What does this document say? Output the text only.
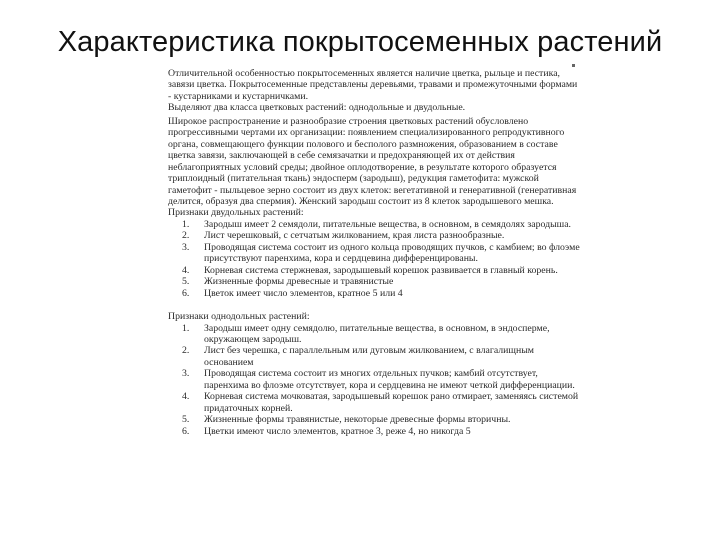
Характеристика покрытосеменных растений

Отличительной особенностью покрытосеменных является наличие цветка, рыльце и пестика, завязи цветка. Покрытосеменные представлены деревьями, травами и промежуточными формами - кустарниками и кустарничками.

Выделяют два класса цветковых растений: однодольные и двудольные.

Широкое распространение и разнообразие строения цветковых растений обусловлено прогрессивными чертами их организации: появлением специализированного репродуктивного органа, совмещающего функции полового и бесполого размножения, образованием в составе цветка завязи, заключающей в себе семязачатки и предохраняющей их от действия неблагоприятных условий среды; двойное оплодотворение, в результате которого образуется триплоидный (питательная ткань) эндосперм (зародыш), редукция гаметофита: мужской гаметофит - пыльцевое зерно состоит из двух клеток: вегетативной и генеративной (генеративная делится, образуя два спермия). Женский зародыш состоит из 8 клеток зародышевого мешка.

Признаки двудольных растений:

1.	Зародыш имеет 2 семядоли, питательные вещества, в основном, в семядолях зародыша.
2.	Лист черешковый, с сетчатым жилкованием, края листа разнообразные.
3.	Проводящая система состоит из одного кольца проводящих пучков, с камбием; во флоэме присутствуют паренхима, кора и сердцевина дифференцированы.
4.	Корневая система стержневая, зародышевый корешок развивается в главный корень.
5.	Жизненные формы древесные и травянистые
6.	Цветок имеет число элементов, кратное 5 или 4

Признаки однодольных растений:

1.	Зародыш имеет одну семядолю, питательные вещества, в основном, в эндосперме, окружающем зародыш.
2.	Лист без черешка, с параллельным или дуговым жилкованием, с влагалищным основанием
3.	Проводящая система состоит из многих отдельных пучков; камбий отсутствует, паренхима во флоэме отсутствует, кора и сердцевина не имеют четкой дифференциации.
4.	Корневая система мочковатая, зародышевый корешок рано отмирает, заменяясь системой придаточных корней.
5.	Жизненные формы травянистые, некоторые древесные формы вторичны.
6.	Цветки имеют число элементов, кратное 3, реже 4, но никогда 5
